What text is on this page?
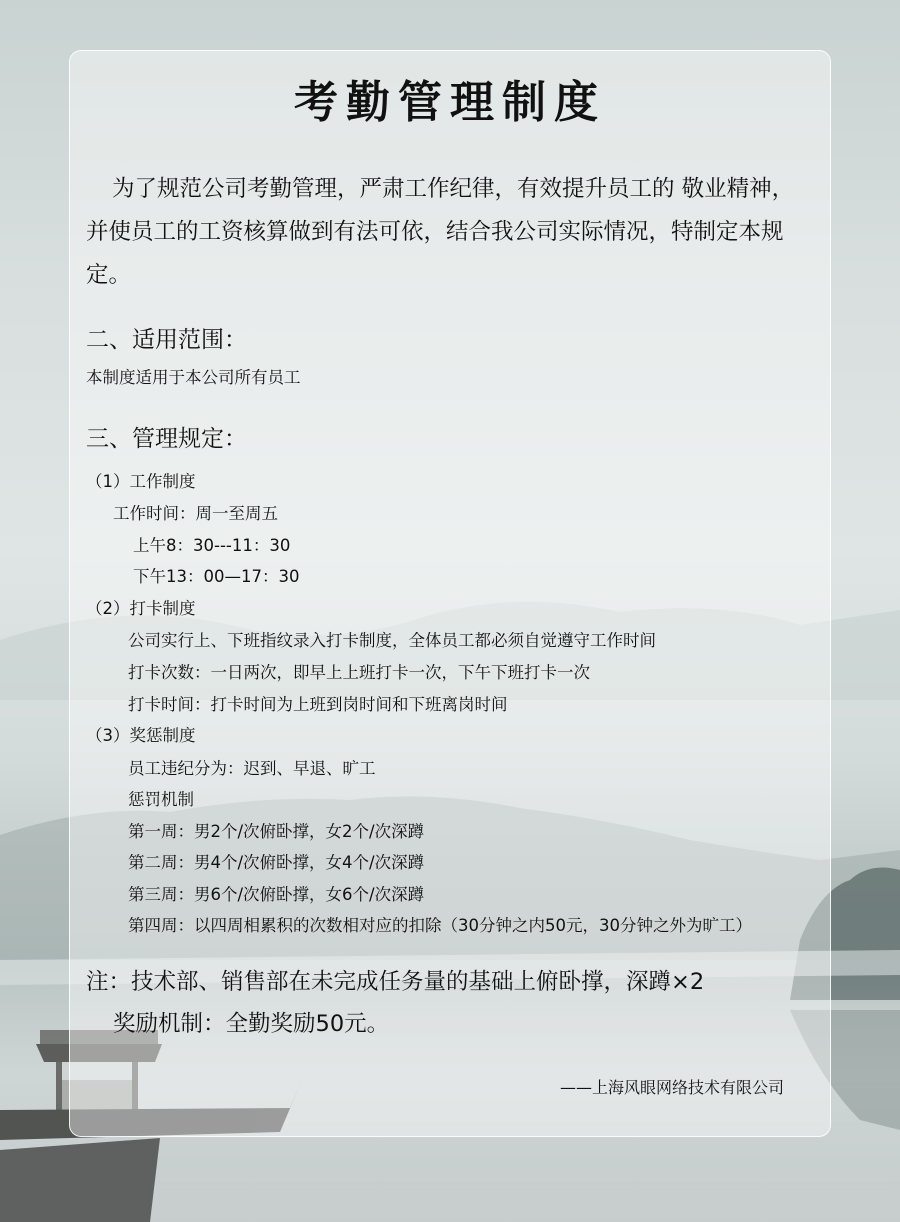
考勤管理制度
为了规范公司考勤管理，严肃工作纪律，有效提升员工的 敬业精神，并使员工的工资核算做到有法可依，结合我公司实际情况，特制定本规定。
二、适用范围：
本制度适用于本公司所有员工
三、管理规定：
（1）工作制度
工作时间：周一至周五
上午8：30---11：30
下午13：00—17：30
（2）打卡制度
公司实行上、下班指纹录入打卡制度，全体员工都必须自觉遵守工作时间
打卡次数：一日两次，即早上上班打卡一次，下午下班打卡一次
打卡时间：打卡时间为上班到岗时间和下班离岗时间
（3）奖惩制度
员工违纪分为：迟到、早退、旷工
惩罚机制
第一周：男2个/次俯卧撑，女2个/次深蹲
第二周：男4个/次俯卧撑，女4个/次深蹲
第三周：男6个/次俯卧撑，女6个/次深蹲
第四周：以四周相累积的次数相对应的扣除（30分钟之内50元，30分钟之外为旷工）
注：技术部、销售部在未完成任务量的基础上俯卧撑，深蹲×2
奖励机制：全勤奖励50元。
——上海风眼网络技术有限公司
